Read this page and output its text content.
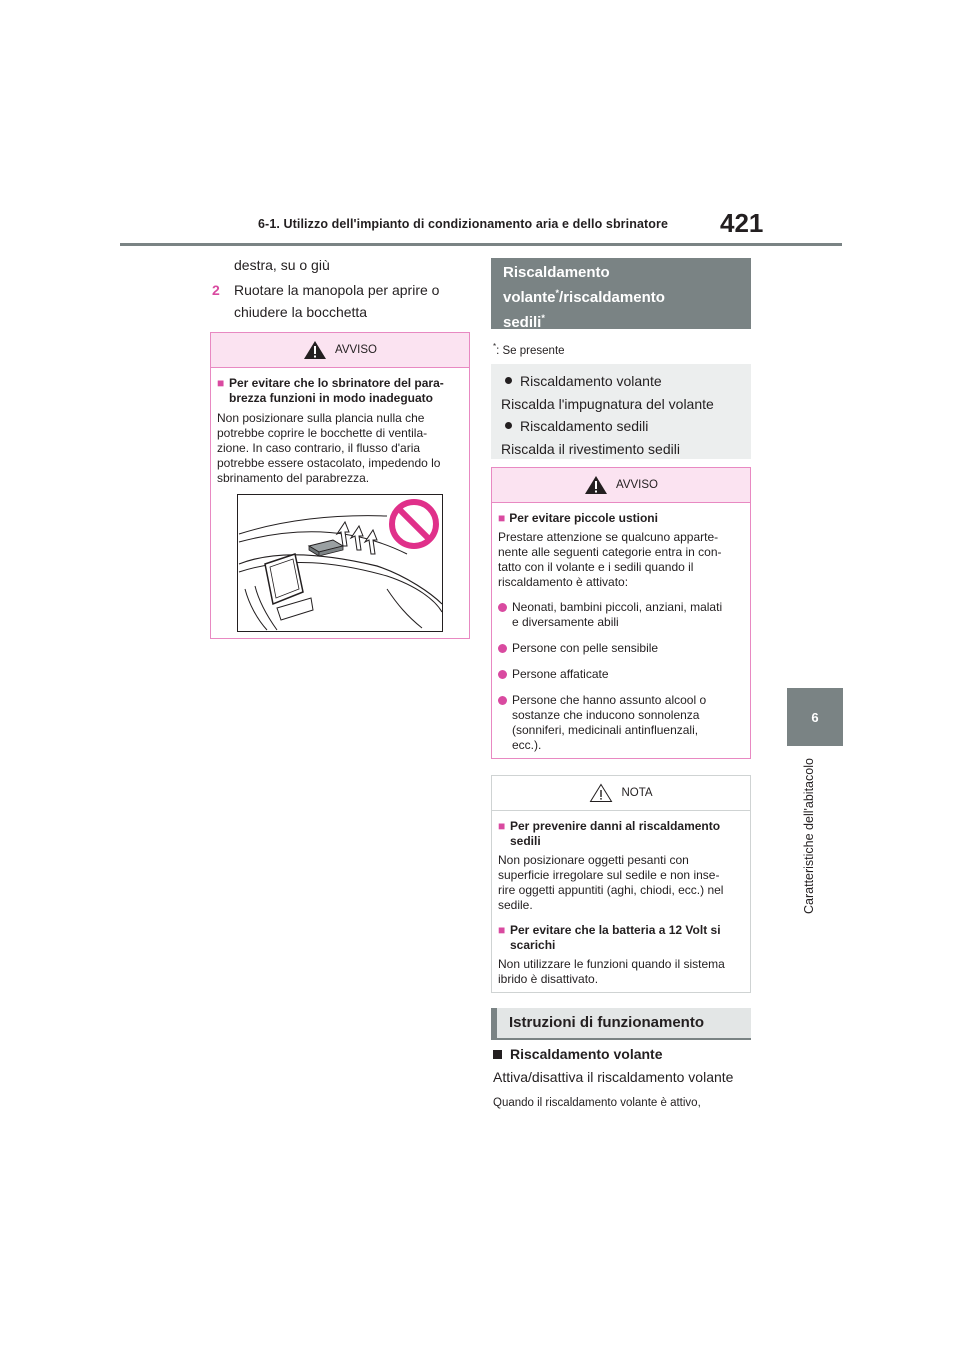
6-1. Utilizzo dell'impianto di condizionamento aria e dello sbrinatore 421
6
Caratteristiche dell'abitacolo
destra, su o giù
2 Ruotare la manopola per aprire o
chiudere la bocchetta
AVVISO
■ Per evitare che lo sbrinatore del para-
brezza funzioni in modo inadeguato
Non posizionare sulla plancia nulla che
potrebbe coprire le bocchette di ventila-
zione. In caso contrario, il flusso d'aria
potrebbe essere ostacolato, impedendo lo
sbrinamento del parabrezza.
Riscaldamento
volante*/riscaldamento
sedili*
*: Se presente
Riscaldamento volante
Riscalda l'impugnatura del volante
Riscaldamento sedili
Riscalda il rivestimento sedili
AVVISO
■ Per evitare piccole ustioni
Prestare attenzione se qualcuno apparte-
nente alle seguenti categorie entra in con-
tatto con il volante e i sedili quando il
riscaldamento è attivato:
Neonati, bambini piccoli, anziani, malati
e diversamente abili
Persone con pelle sensibile
Persone affaticate
Persone che hanno assunto alcool o
sostanze che inducono sonnolenza
(sonniferi, medicinali antinfluenzali,
ecc.).
NOTA
■ Per prevenire danni al riscaldamento
sedili
Non posizionare oggetti pesanti con
superficie irregolare sul sedile e non inse-
rire oggetti appuntiti (aghi, chiodi, ecc.) nel
sedile.
■ Per evitare che la batteria a 12 Volt si
scarichi
Non utilizzare le funzioni quando il sistema
ibrido è disattivato.
Istruzioni di funzionamento
Riscaldamento volante
Attiva/disattiva il riscaldamento volante
Quando il riscaldamento volante è attivo,
